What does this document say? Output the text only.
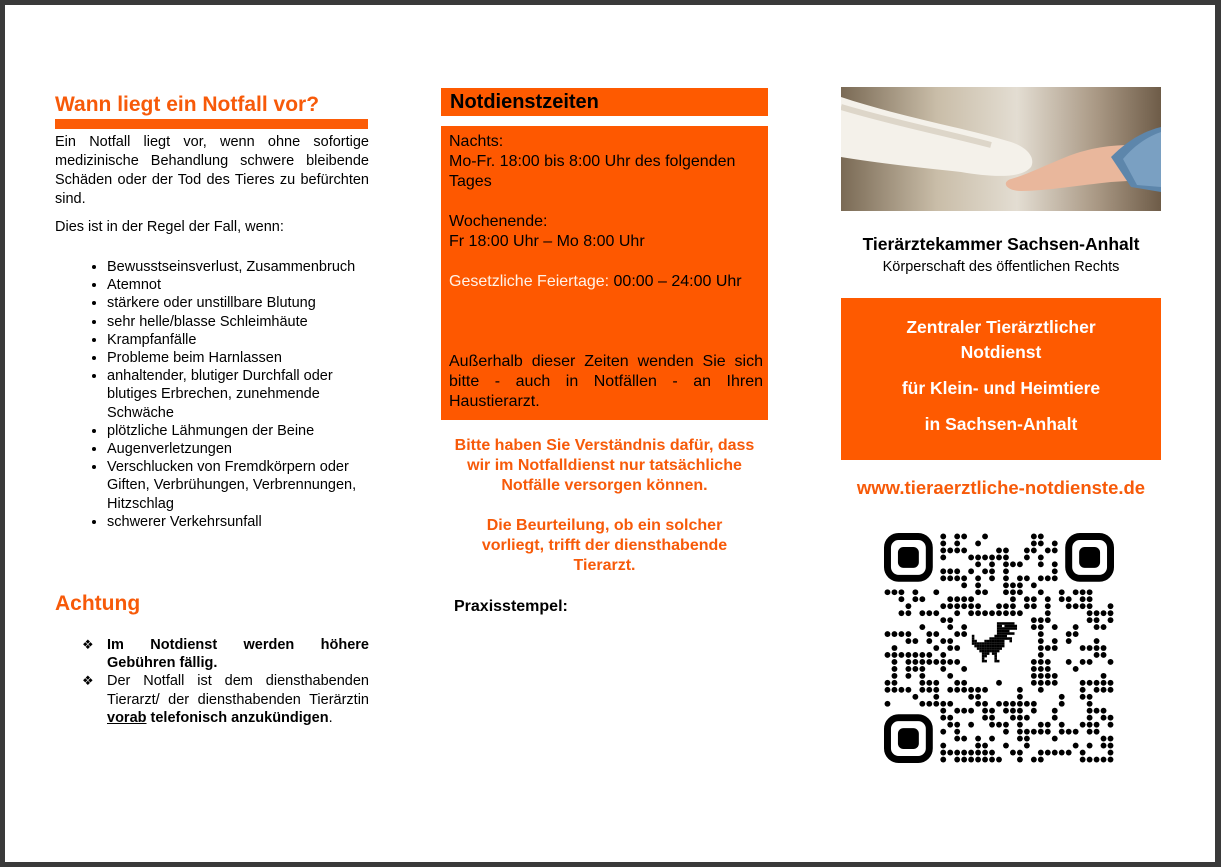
Wann liegt ein Notfall vor?
Ein Notfall liegt vor, wenn ohne sofortige medizinische Behandlung schwere bleibende Schäden oder der Tod des Tieres zu befürchten sind.
Dies ist in der Regel der Fall, wenn:
• Bewusstseinsverlust, Zusammenbruch
• Atemnot
• stärkere oder unstillbare Blutung
• sehr helle/blasse Schleimhäute
• Krampfanfälle
• Probleme beim Harnlassen
• anhaltender, blutiger Durchfall oder blutiges Erbrechen, zunehmende Schwäche
• plötzliche Lähmungen der Beine
• Augenverletzungen
• Verschlucken von Fremdkörpern oder Giften, Verbrühungen, Verbrennungen, Hitzschlag
• schwerer Verkehrsunfall
Achtung
❖ Im Notdienst werden höhere Gebühren fällig.
❖ Der Notfall ist dem diensthabenden Tierarzt/ der diensthabenden Tierärztin vorab telefonisch anzukündigen.
Notdienstzeiten
Nachts:
Mo-Fr. 18:00 bis 8:00 Uhr des folgenden Tages
Wochenende:
Fr 18:00 Uhr – Mo 8:00 Uhr
Gesetzliche Feiertage: 00:00 – 24:00 Uhr
Außerhalb dieser Zeiten wenden Sie sich bitte - auch in Notfällen - an Ihren Haustierarzt.
Bitte haben Sie Verständnis dafür, dass wir im Notfalldienst nur tatsächliche Notfälle versorgen können.
Die Beurteilung, ob ein solcher vorliegt, trifft der diensthabende Tierarzt.
Praxisstempel:
Tierärztekammer Sachsen-Anhalt
Körperschaft des öffentlichen Rechts
Zentraler Tierärztlicher
Notdienst
für Klein- und Heimtiere
in Sachsen-Anhalt
www.tieraerztliche-notdienste.de
